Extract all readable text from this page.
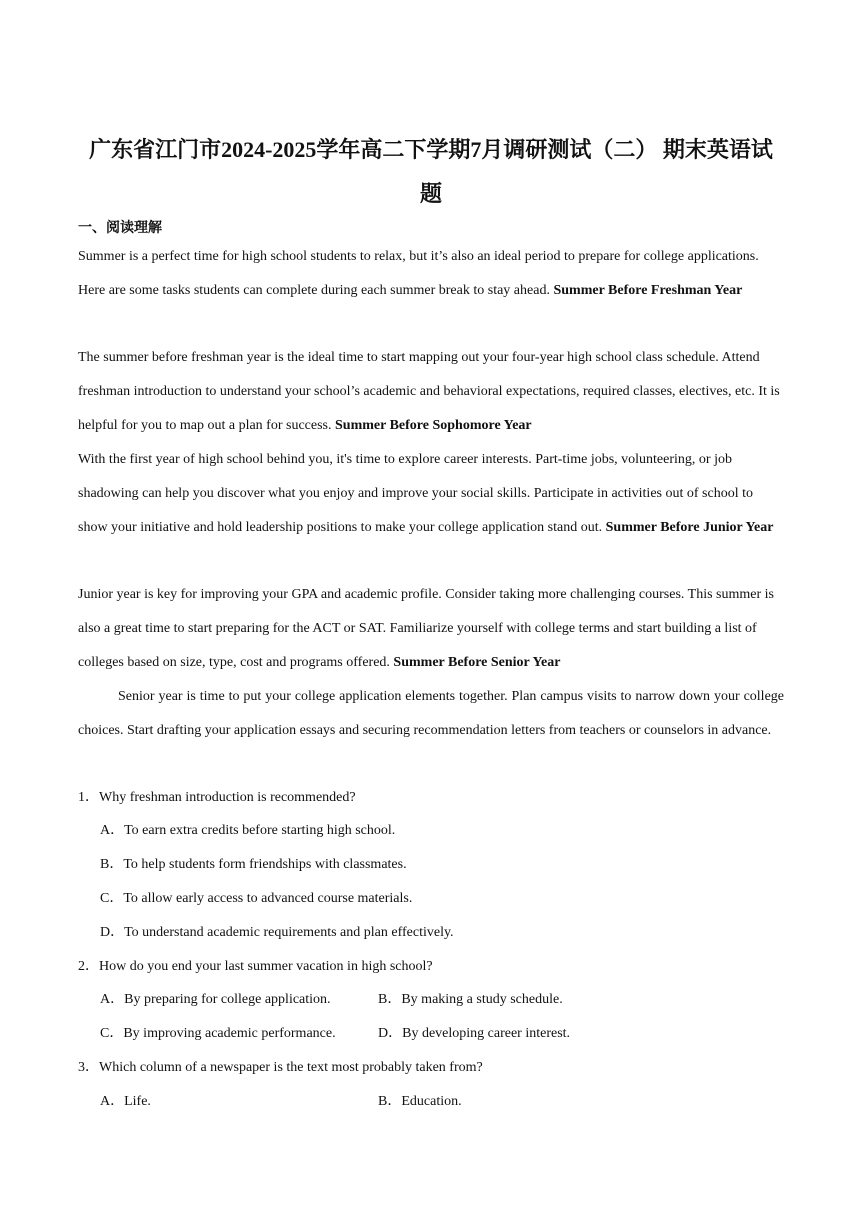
广东省江门市2024-2025学年高二下学期7月调研测试（二） 期末英语试
题
一、阅读理解
Summer is a perfect time for high school students to relax, but it’s also an ideal period to prepare for college applications. Here are some tasks students can complete during each summer break to stay ahead. Summer Before Freshman Year
The summer before freshman year is the ideal time to start mapping out your four-year high school class schedule. Attend freshman introduction to understand your school’s academic and behavioral expectations, required classes, electives, etc. It is helpful for you to map out a plan for success. Summer Before Sophomore Year
With the first year of high school behind you, it's time to explore career interests. Part-time jobs, volunteering, or job shadowing can help you discover what you enjoy and improve your social skills. Participate in activities out of school to show your initiative and hold leadership positions to make your college application stand out. Summer Before Junior Year
Junior year is key for improving your GPA and academic profile. Consider taking more challenging courses. This summer is also a great time to start preparing for the ACT or SAT. Familiarize yourself with college terms and start building a list of colleges based on size, type, cost and programs offered. Summer Before Senior Year
Senior year is time to put your college application elements together. Plan campus visits to narrow down your college choices. Start drafting your application essays and securing recommendation letters from teachers or counselors in advance.
1．Why freshman introduction is recommended?
A．To earn extra credits before starting high school.
B．To help students form friendships with classmates.
C．To allow early access to advanced course materials.
D．To understand academic requirements and plan effectively.
2．How do you end your last summer vacation in high school?
A．By preparing for college application.	B．By making a study schedule.
C．By improving academic performance.	D．By developing career interest.
3．Which column of a newspaper is the text most probably taken from?
A．Life.	B．Education.
